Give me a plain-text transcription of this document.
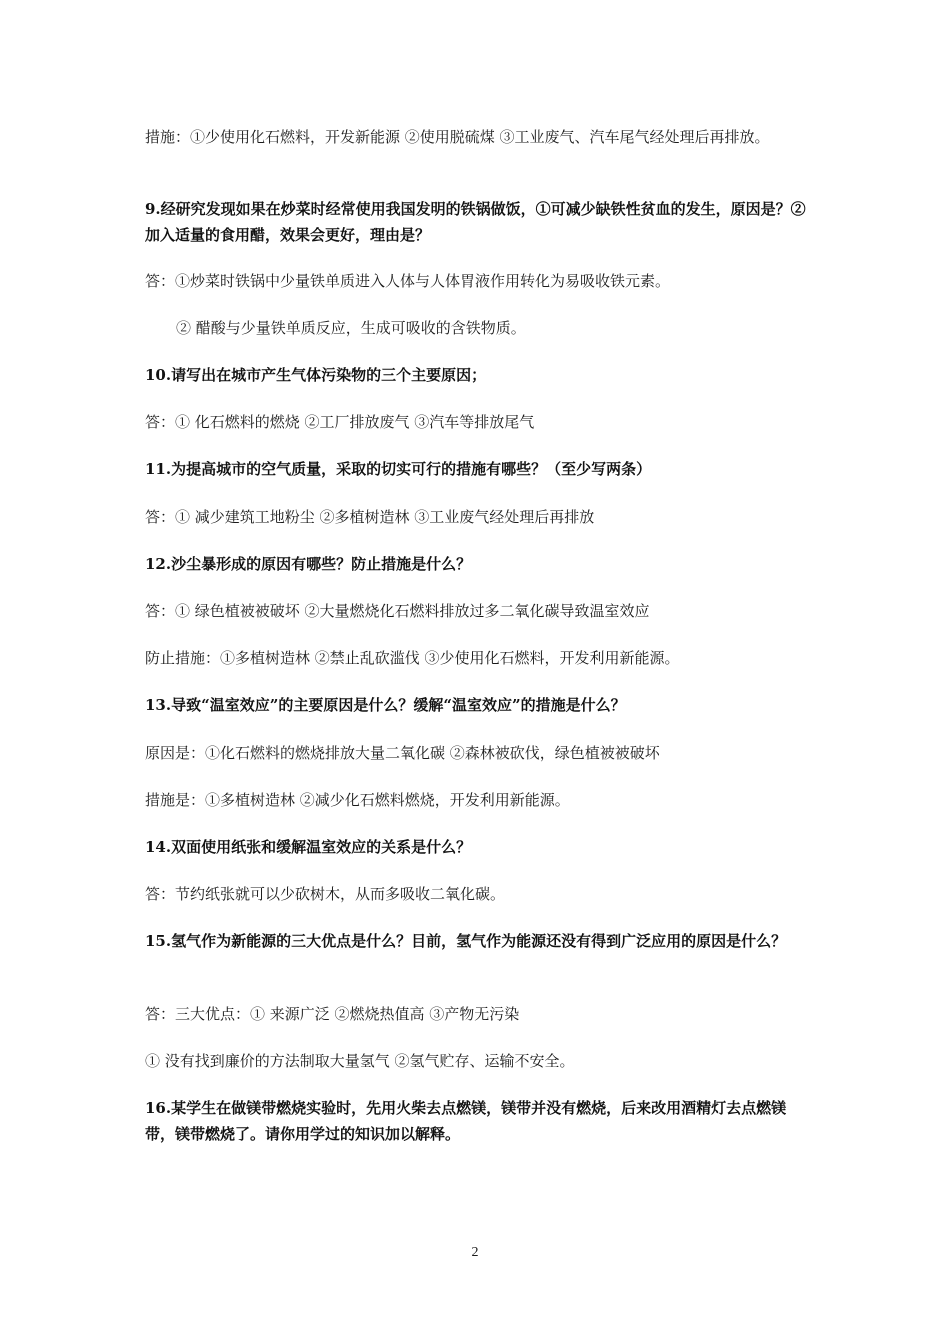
措施：①少使用化石燃料，开发新能源 ②使用脱硫煤 ③工业废气、汽车尾气经处理后再排放。
9.经研究发现如果在炒菜时经常使用我国发明的铁锅做饭，①可减少缺铁性贫血的发生，原因是？②加入适量的食用醋，效果会更好，理由是？
答：①炒菜时铁锅中少量铁单质进入人体与人体胃液作用转化为易吸收铁元素。
② 醋酸与少量铁单质反应，生成可吸收的含铁物质。
10.请写出在城市产生气体污染物的三个主要原因；
答：① 化石燃料的燃烧 ②工厂排放废气 ③汽车等排放尾气
11.为提高城市的空气质量，采取的切实可行的措施有哪些？（至少写两条）
答：① 减少建筑工地粉尘 ②多植树造林 ③工业废气经处理后再排放
12.沙尘暴形成的原因有哪些？防止措施是什么？
答：① 绿色植被被破坏 ②大量燃烧化石燃料排放过多二氧化碳导致温室效应
防止措施：①多植树造林 ②禁止乱砍滥伐 ③少使用化石燃料，开发利用新能源。
13.导致“温室效应”的主要原因是什么？缓解“温室效应”的措施是什么？
原因是：①化石燃料的燃烧排放大量二氧化碳 ②森林被砍伐，绿色植被被破坏
措施是：①多植树造林 ②减少化石燃料燃烧，开发利用新能源。
14.双面使用纸张和缓解温室效应的关系是什么？
答：节约纸张就可以少砍树木，从而多吸收二氧化碳。
15.氢气作为新能源的三大优点是什么？目前，氢气作为能源还没有得到广泛应用的原因是什么？
答：三大优点：① 来源广泛 ②燃烧热值高 ③产物无污染
① 没有找到廉价的方法制取大量氢气 ②氢气贮存、运输不安全。
16.某学生在做镁带燃烧实验时，先用火柴去点燃镁，镁带并没有燃烧，后来改用酒精灯去点燃镁带，镁带燃烧了。请你用学过的知识加以解释。
2
